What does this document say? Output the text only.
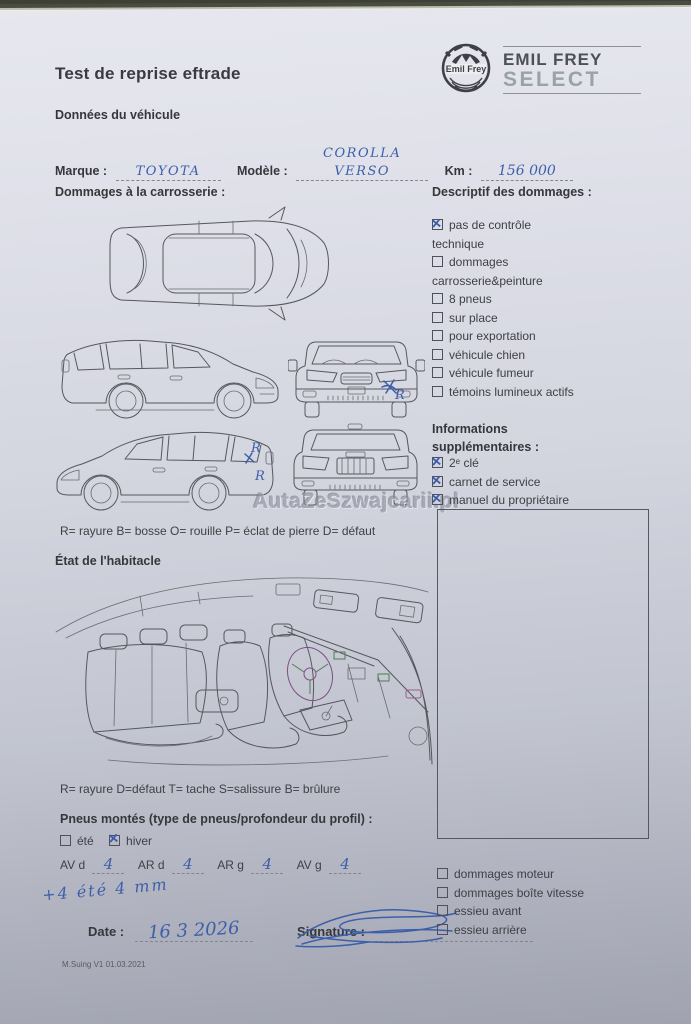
Test de reprise eftrade	Emil Frey EMIL FREY
SELECT
Données du véhicule
Marque : TOYOTA	Modèle : COROLLA VERSO	Km : 156 000
Dommages à la carrosserie :	Descriptif des dommages :
R
R
R
AutaZeSzwajcarii.pl
R= rayure B= bosse O= rouille P= éclat de pierre D= défaut
État de l'habitacle
R= rayure D=défaut T= tache S=salissure B= brûlure
Pneus montés (type de pneus/profondeur du profil) :
été ✕	hiver
AV d 4 AR d 4 AR g 4 AV g 4
+4 été 4 mm
Date : 16 3 2026	Signature :
M.Suing V1 01.03.2021
✕pas de contrôle technique
dommages carrosserie&peinture
8 pneus
sur place
pour exportation
véhicule chien
véhicule fumeur
témoins lumineux actifs
Informations
supplémentaires :
✕2ᵉ clé
✕carnet de service
✕manuel du propriétaire
dommages moteur
dommages boîte vitesse
essieu avant
essieu arrière
